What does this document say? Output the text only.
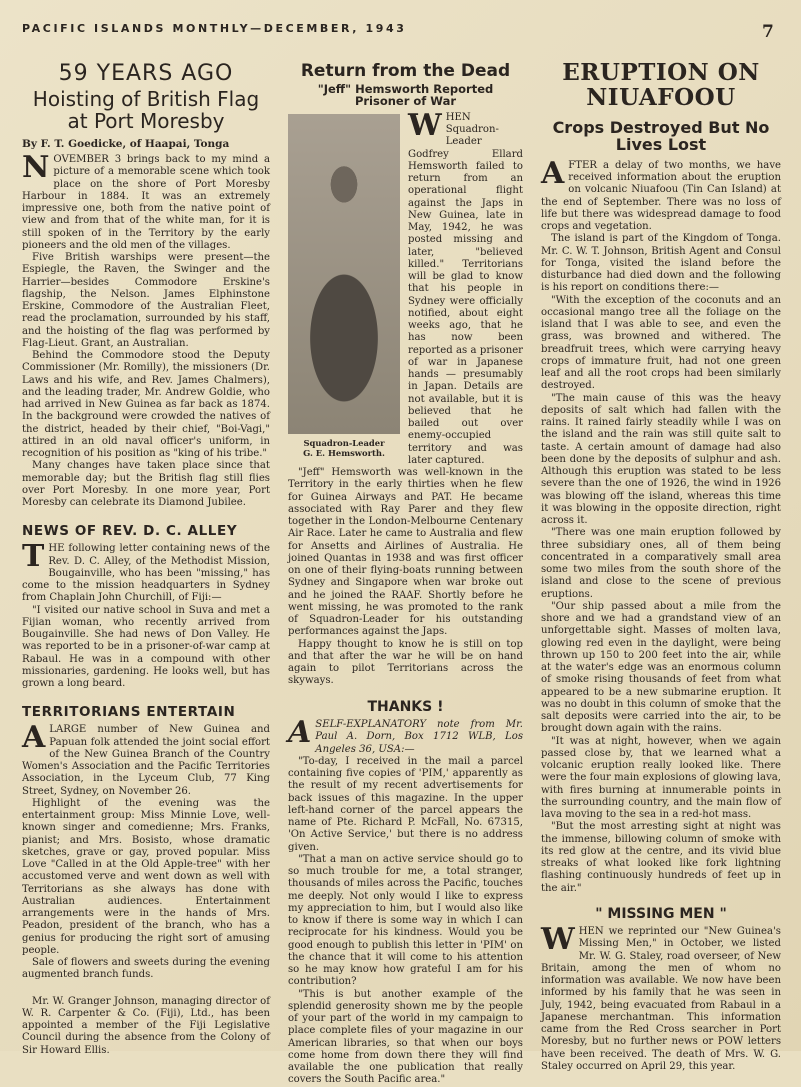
PACIFIC ISLANDS MONTHLY—DECEMBER, 1943	7
59 YEARS AGO
Hoisting of British Flag at Port Moresby
By F. T. Goedicke, of Haapai, Tonga

NOVEMBER 3 brings back to my mind a picture of a memorable scene which took place on the shore of Port Moresby Harbour in 1884. It was an extremely impressive one, both from the native point of view and from that of the white man, for it is still spoken of in the Territory by the early pioneers and the old men of the villages.

Five British warships were present—the Espiegle, the Raven, the Swinger and the Harrier—besides Commodore Erskine's flagship, the Nelson. James Elphinstone Erskine, Commodore of the Australian Fleet, read the proclamation, surrounded by his staff, and the hoisting of the flag was performed by Flag-Lieut. Grant, an Australian.

Behind the Commodore stood the Deputy Commissioner (Mr. Romilly), the missioners (Dr. Laws and his wife, and Rev. James Chalmers), and the leading trader, Mr. Andrew Goldie, who had arrived in New Guinea as far back as 1874. In the background were crowded the natives of the district, headed by their chief, "Boi-Vagi," attired in an old naval officer's uniform, in recognition of his position as "king of his tribe."

Many changes have taken place since that memorable day; but the British flag still flies over Port Moresby. In one more year, Port Moresby can celebrate its Diamond Jubilee.

NEWS OF REV. D. C. ALLEY

THE following letter containing news of the Rev. D. C. Alley, of the Methodist Mission, Bougainville, who has been "missing," has come to the mission headquarters in Sydney from Chaplain John Churchill, of Fiji:—

"I visited our native school in Suva and met a Fijian woman, who recently arrived from Bougainville. She had news of Don Valley. He was reported to be in a prisoner-of-war camp at Rabaul. He was in a compound with other missionaries, gardening. He looks well, but has grown a long beard.

TERRITORIANS ENTERTAIN

ALARGE number of New Guinea and Papuan folk attended the joint social effort of the New Guinea Branch of the Country Women's Association and the Pacific Territories Association, in the Lyceum Club, 77 King Street, Sydney, on November 26.

Highlight of the evening was the entertainment group: Miss Minnie Love, well-known singer and comedienne; Mrs. Franks, pianist; and Mrs. Bosisto, whose dramatic sketches, grave or gay, proved popular. Miss Love "Called in at the Old Apple-tree" with her accustomed verve and went down as well with Territorians as she always has done with Australian audiences. Entertainment arrangements were in the hands of Mrs. Peadon, president of the branch, who has a genius for producing the right sort of amusing people.

Sale of flowers and sweets during the evening augmented branch funds.

Mr. W. Granger Johnson, managing director of W. R. Carpenter & Co. (Fiji), Ltd., has been appointed a member of the Fiji Legislative Council during the absence from the Colony of Sir Howard Ellis.

Return from the Dead
"Jeff" Hemsworth Reported Prisoner of War
Squadron-Leader
G. E. Hemsworth.

WHEN Squadron-Leader Godfrey Ellard Hemsworth failed to return from an operational flight against the Japs in New Guinea, late in May, 1942, he was posted missing and later, "believed killed." Territorians will be glad to know that his people in Sydney were officially notified, about eight weeks ago, that he has now been reported as a prisoner of war in Japanese hands — presumably in Japan. Details are not available, but it is believed that he bailed out over enemy-occupied territory and was later captured.

"Jeff" Hemsworth was well-known in the Territory in the early thirties when he flew for Guinea Airways and PAT. He became associated with Ray Parer and they flew together in the London-Melbourne Centenary Air Race. Later he came to Australia and flew for Ansetts and Airlines of Australia. He joined Quantas in 1938 and was first officer on one of their flying-boats running between Sydney and Singapore when war broke out and he joined the RAAF. Shortly before he went missing, he was promoted to the rank of Squadron-Leader for his outstanding performances against the Japs.

Happy thought to know he is still on top and that after the war he will be on hand again to pilot Territorians across the skyways.

THANKS !

ASELF-EXPLANATORY note from Mr. Paul A. Dorn, Box 1712 WLB, Los Angeles 36, USA:—

"To-day, I received in the mail a parcel containing five copies of 'PIM,' apparently as the result of my recent advertisements for back issues of this magazine. In the upper left-hand corner of the parcel appears the name of Pte. Richard P. McFall, No. 67315, 'On Active Service,' but there is no address given.

"That a man on active service should go to so much trouble for me, a total stranger, thousands of miles across the Pacific, touches me deeply. Not only would I like to express my appreciation to him, but I would also like to know if there is some way in which I can reciprocate for his kindness. Would you be good enough to publish this letter in 'PIM' on the chance that it will come to his attention so he may know how grateful I am for his contribution?

"This is but another example of the splendid generosity shown me by the people of your part of the world in my campaign to place complete files of your magazine in our American libraries, so that when our boys come home from down there they will find available the one publication that really covers the South Pacific area."

ERUPTION ON NIUAFOOU
Crops Destroyed But No Lives Lost

AFTER a delay of two months, we have received information about the eruption on volcanic Niuafoou (Tin Can Island) at the end of September. There was no loss of life but there was widespread damage to food crops and vegetation.

The island is part of the Kingdom of Tonga. Mr. C. W. T. Johnson, British Agent and Consul for Tonga, visited the island before the disturbance had died down and the following is his report on conditions there:—

"With the exception of the coconuts and an occasional mango tree all the foliage on the island that I was able to see, and even the grass, was browned and withered. The breadfruit trees, which were carrying heavy crops of immature fruit, had not one green leaf and all the root crops had been similarly destroyed.

"The main cause of this was the heavy deposits of salt which had fallen with the rains. It rained fairly steadily while I was on the island and the rain was still quite salt to taste. A certain amount of damage had also been done by the deposits of sulphur and ash. Although this eruption was stated to be less severe than the one of 1926, the wind in 1926 was blowing off the island, whereas this time it was blowing in the opposite direction, right across it.

"There was one main eruption followed by three subsidiary ones, all of them being concentrated in a comparatively small area some two miles from the south shore of the island and close to the scene of previous eruptions.

"Our ship passed about a mile from the shore and we had a grandstand view of an unforgettable sight. Masses of molten lava, glowing red even in the daylight, were being thrown up 150 to 200 feet into the air, while at the water's edge was an enormous column of smoke rising thousands of feet from what appeared to be a new submarine eruption. It was no doubt in this column of smoke that the salt deposits were carried into the air, to be brought down again with the rains.

"It was at night, however, when we again passed close by, that we learned what a volcanic eruption really looked like. There were the four main explosions of glowing lava, with fires burning at innumerable points in the surrounding country, and the main flow of lava moving to the sea in a red-hot mass.

"But the most arresting sight at night was the immense, billowing column of smoke with its red glow at the centre, and its vivid blue streaks of what looked like fork lightning flashing continuously hundreds of feet up in the air."

" MISSING MEN "

WHEN we reprinted our "New Guinea's Missing Men," in October, we listed Mr. W. G. Staley, road overseer, of New Britain, among the men of whom no information was available. We now have been informed by his family that he was seen in July, 1942, being evacuated from Rabaul in a Japanese merchantman. This information came from the Red Cross searcher in Port Moresby, but no further news or POW letters have been received. The death of Mrs. W. G. Staley occurred on April 29, this year.
